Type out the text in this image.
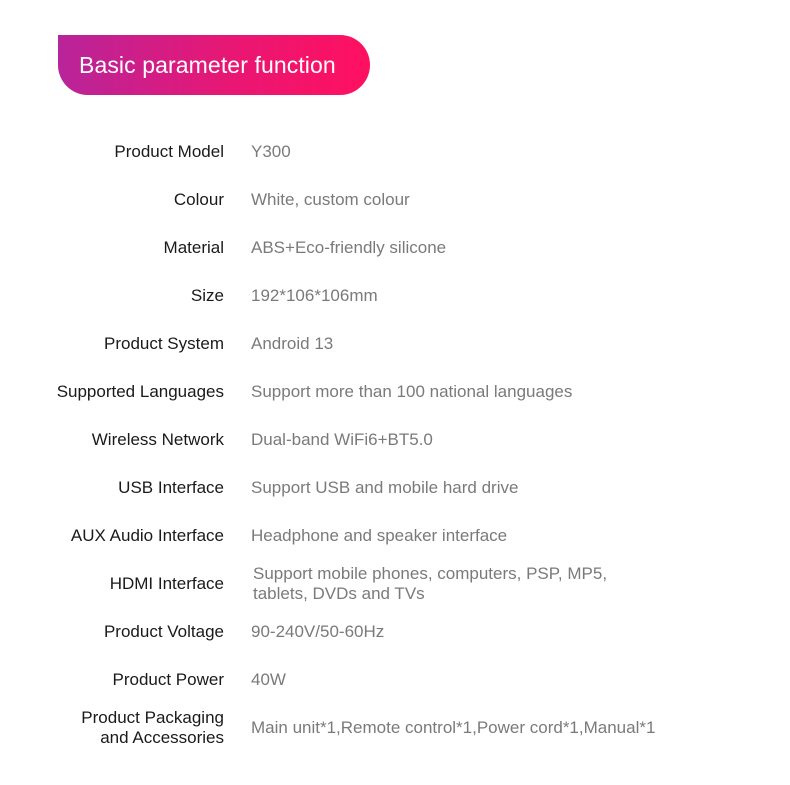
Basic parameter function
Product Model Y300
Colour White, custom colour
Material ABS+Eco-friendly silicone
Size 192*106*106mm
Product System Android 13
Supported Languages Support more than 100 national languages
Wireless Network Dual-band WiFi6+BT5.0
USB Interface Support USB and mobile hard drive
AUX Audio Interface Headphone and speaker interface
HDMI Interface
Support mobile phones, computers, PSP, MP5,
tablets, DVDs and TVs
Product Voltage 90-240V/50-60Hz
Product Power 40W
Product Packaging
and Accessories
Main unit*1,Remote control*1,Power cord*1,Manual*1
